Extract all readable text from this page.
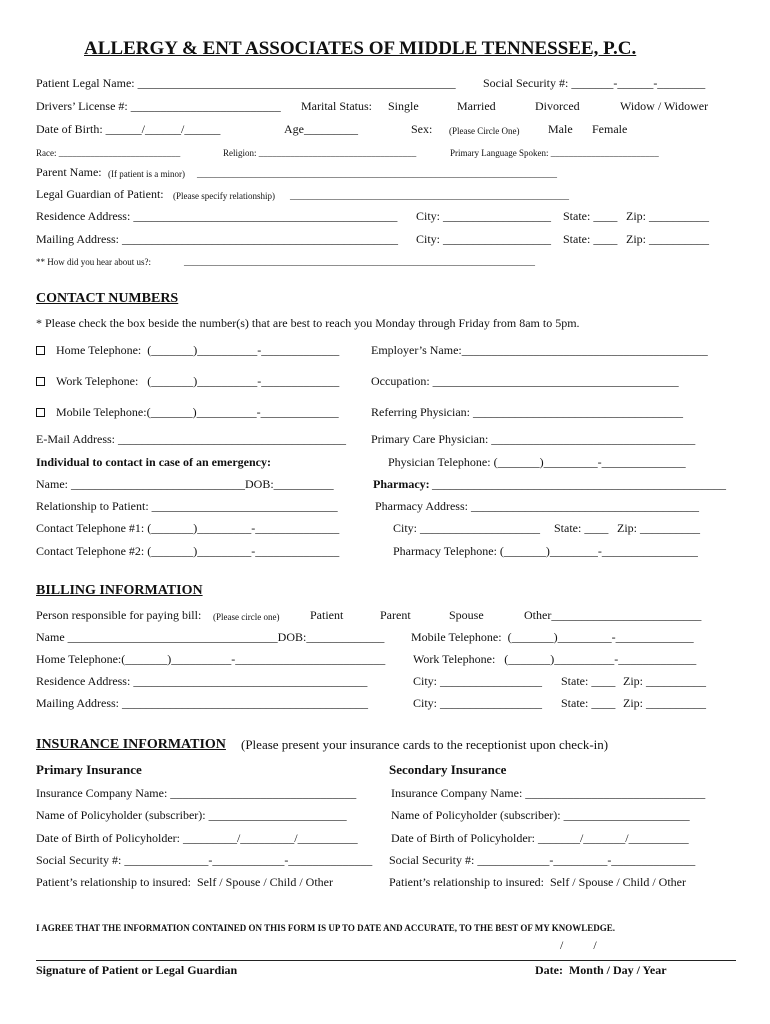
ALLERGY & ENT ASSOCIATES OF MIDDLE TENNESSEE, P.C.
Patient Legal Name: _____________________________________________________ Social Security #: _______-______-________
Drivers’ License #: _________________________ Marital Status: Single	Married	Divorced	Widow / Widower
Date of Birth: ______/______/______	Age_________	Sex: (Please Circle One) Male Female
Race: ___________________________	Religion: ___________________________________	Primary Language Spoken: ________________________
Parent Name: (If patient is a minor) ________________________________________________________________________________
Legal Guardian of Patient: (Please specify relationship) ______________________________________________________________
Residence Address: ____________________________________________ City: __________________ State: ____ Zip: __________
Mailing Address: ______________________________________________ City: __________________ State: ____ Zip: __________
** How did you hear about us?:	______________________________________________________________________________
CONTACT NUMBERS
* Please check the box beside the number(s) that are best to reach you Monday through Friday from 8am to 5pm.
Home Telephone:  (_______)__________-_____________	Employer’s Name:_________________________________________
Work Telephone:   (_______)__________-_____________	Occupation: _________________________________________
Mobile Telephone:(_______)__________-_____________	Referring Physician: ___________________________________
E-Mail Address: ______________________________________ Primary Care Physician: __________________________________
Individual to contact in case of an emergency:	Physician Telephone: (_______)_________-______________
Name: _____________________________DOB:__________	Pharmacy: _________________________________________________
Relationship to Patient: _______________________________	Pharmacy Address: ______________________________________
Contact Telephone #1: (_______)_________-______________	City: ____________________ State: ____ Zip: __________
Contact Telephone #2: (_______)_________-______________	Pharmacy Telephone: (_______)________-________________
BILLING INFORMATION
Person responsible for paying bill: (Please circle one)	Patient	Parent	Spouse	Other_________________________
Name ___________________________________DOB:_____________ Mobile Telephone:  (_______)_________-_____________
Home Telephone:(_______)__________-_________________________ Work Telephone:   (_______)__________-_____________
Residence Address: _______________________________________	City: _________________ State: ____ Zip: __________
Mailing Address: _________________________________________	City: _________________ State: ____ Zip: __________
INSURANCE INFORMATION (Please present your insurance cards to the receptionist upon check-in)
Primary Insurance	Secondary Insurance
Insurance Company Name: _______________________________	Insurance Company Name: ______________________________
Name of Policyholder (subscriber): _______________________	Name of Policyholder (subscriber): _____________________
Date of Birth of Policyholder: _________/_________/__________	Date of Birth of Policyholder: _______/_______/__________
Social Security #: ______________-____________-______________ Social Security #: ____________-_________-______________
Patient’s relationship to insured:  Self / Spouse / Child / Other	Patient’s relationship to insured:  Self / Spouse / Child / Other
I AGREE THAT THE INFORMATION CONTAINED ON THIS FORM IS UP TO DATE AND ACCURATE, TO THE BEST OF MY KNOWLEDGE.
/          /
Signature of Patient or Legal Guardian	Date:  Month / Day / Year
